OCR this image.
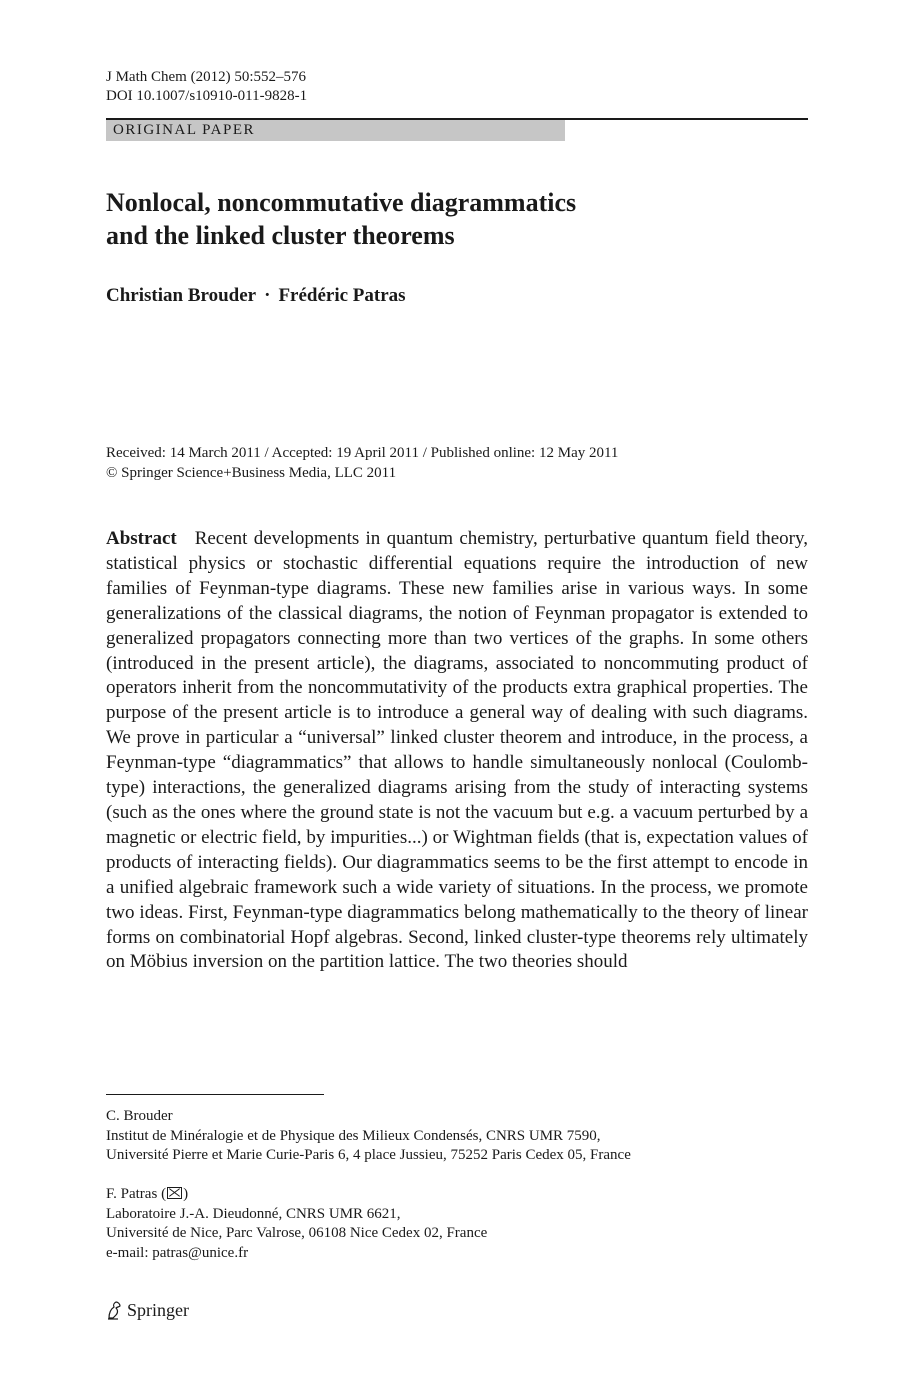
J Math Chem (2012) 50:552–576
DOI 10.1007/s10910-011-9828-1
ORIGINAL PAPER
Nonlocal, noncommutative diagrammatics
and the linked cluster theorems
Christian Brouder · Frédéric Patras
Received: 14 March 2011 / Accepted: 19 April 2011 / Published online: 12 May 2011
© Springer Science+Business Media, LLC 2011

Abstract Recent developments in quantum chemistry, perturbative quantum field theory, statistical physics or stochastic differential equations require the introduction of new families of Feynman-type diagrams. These new families arise in various ways. In some generalizations of the classical diagrams, the notion of Feynman propagator is extended to generalized propagators connecting more than two vertices of the graphs. In some others (introduced in the present article), the diagrams, associated to noncommuting product of operators inherit from the noncommutativity of the products extra graphical properties. The purpose of the present article is to introduce a general way of dealing with such diagrams. We prove in particular a “universal” linked cluster theorem and introduce, in the process, a Feynman-type “diagrammatics” that allows to handle simultaneously nonlocal (Coulomb-type) interactions, the generalized diagrams arising from the study of interacting systems (such as the ones where the ground state is not the vacuum but e.g. a vacuum perturbed by a magnetic or electric field, by impurities...) or Wightman fields (that is, expectation values of products of interacting fields). Our diagrammatics seems to be the first attempt to encode in a unified algebraic framework such a wide variety of situations. In the process, we promote two ideas. First, Feynman-type diagrammatics belong mathematically to the theory of linear forms on combinatorial Hopf algebras. Second, linked cluster-type theorems rely ultimately on Möbius inversion on the partition lattice. The two theories should

C. Brouder
Institut de Minéralogie et de Physique des Milieux Condensés, CNRS UMR 7590,
Université Pierre et Marie Curie-Paris 6, 4 place Jussieu, 75252 Paris Cedex 05, France
F. Patras ( )
Laboratoire J.-A. Dieudonné, CNRS UMR 6621,
Université de Nice, Parc Valrose, 06108 Nice Cedex 02, France
e-mail: patras@unice.fr
Springer
